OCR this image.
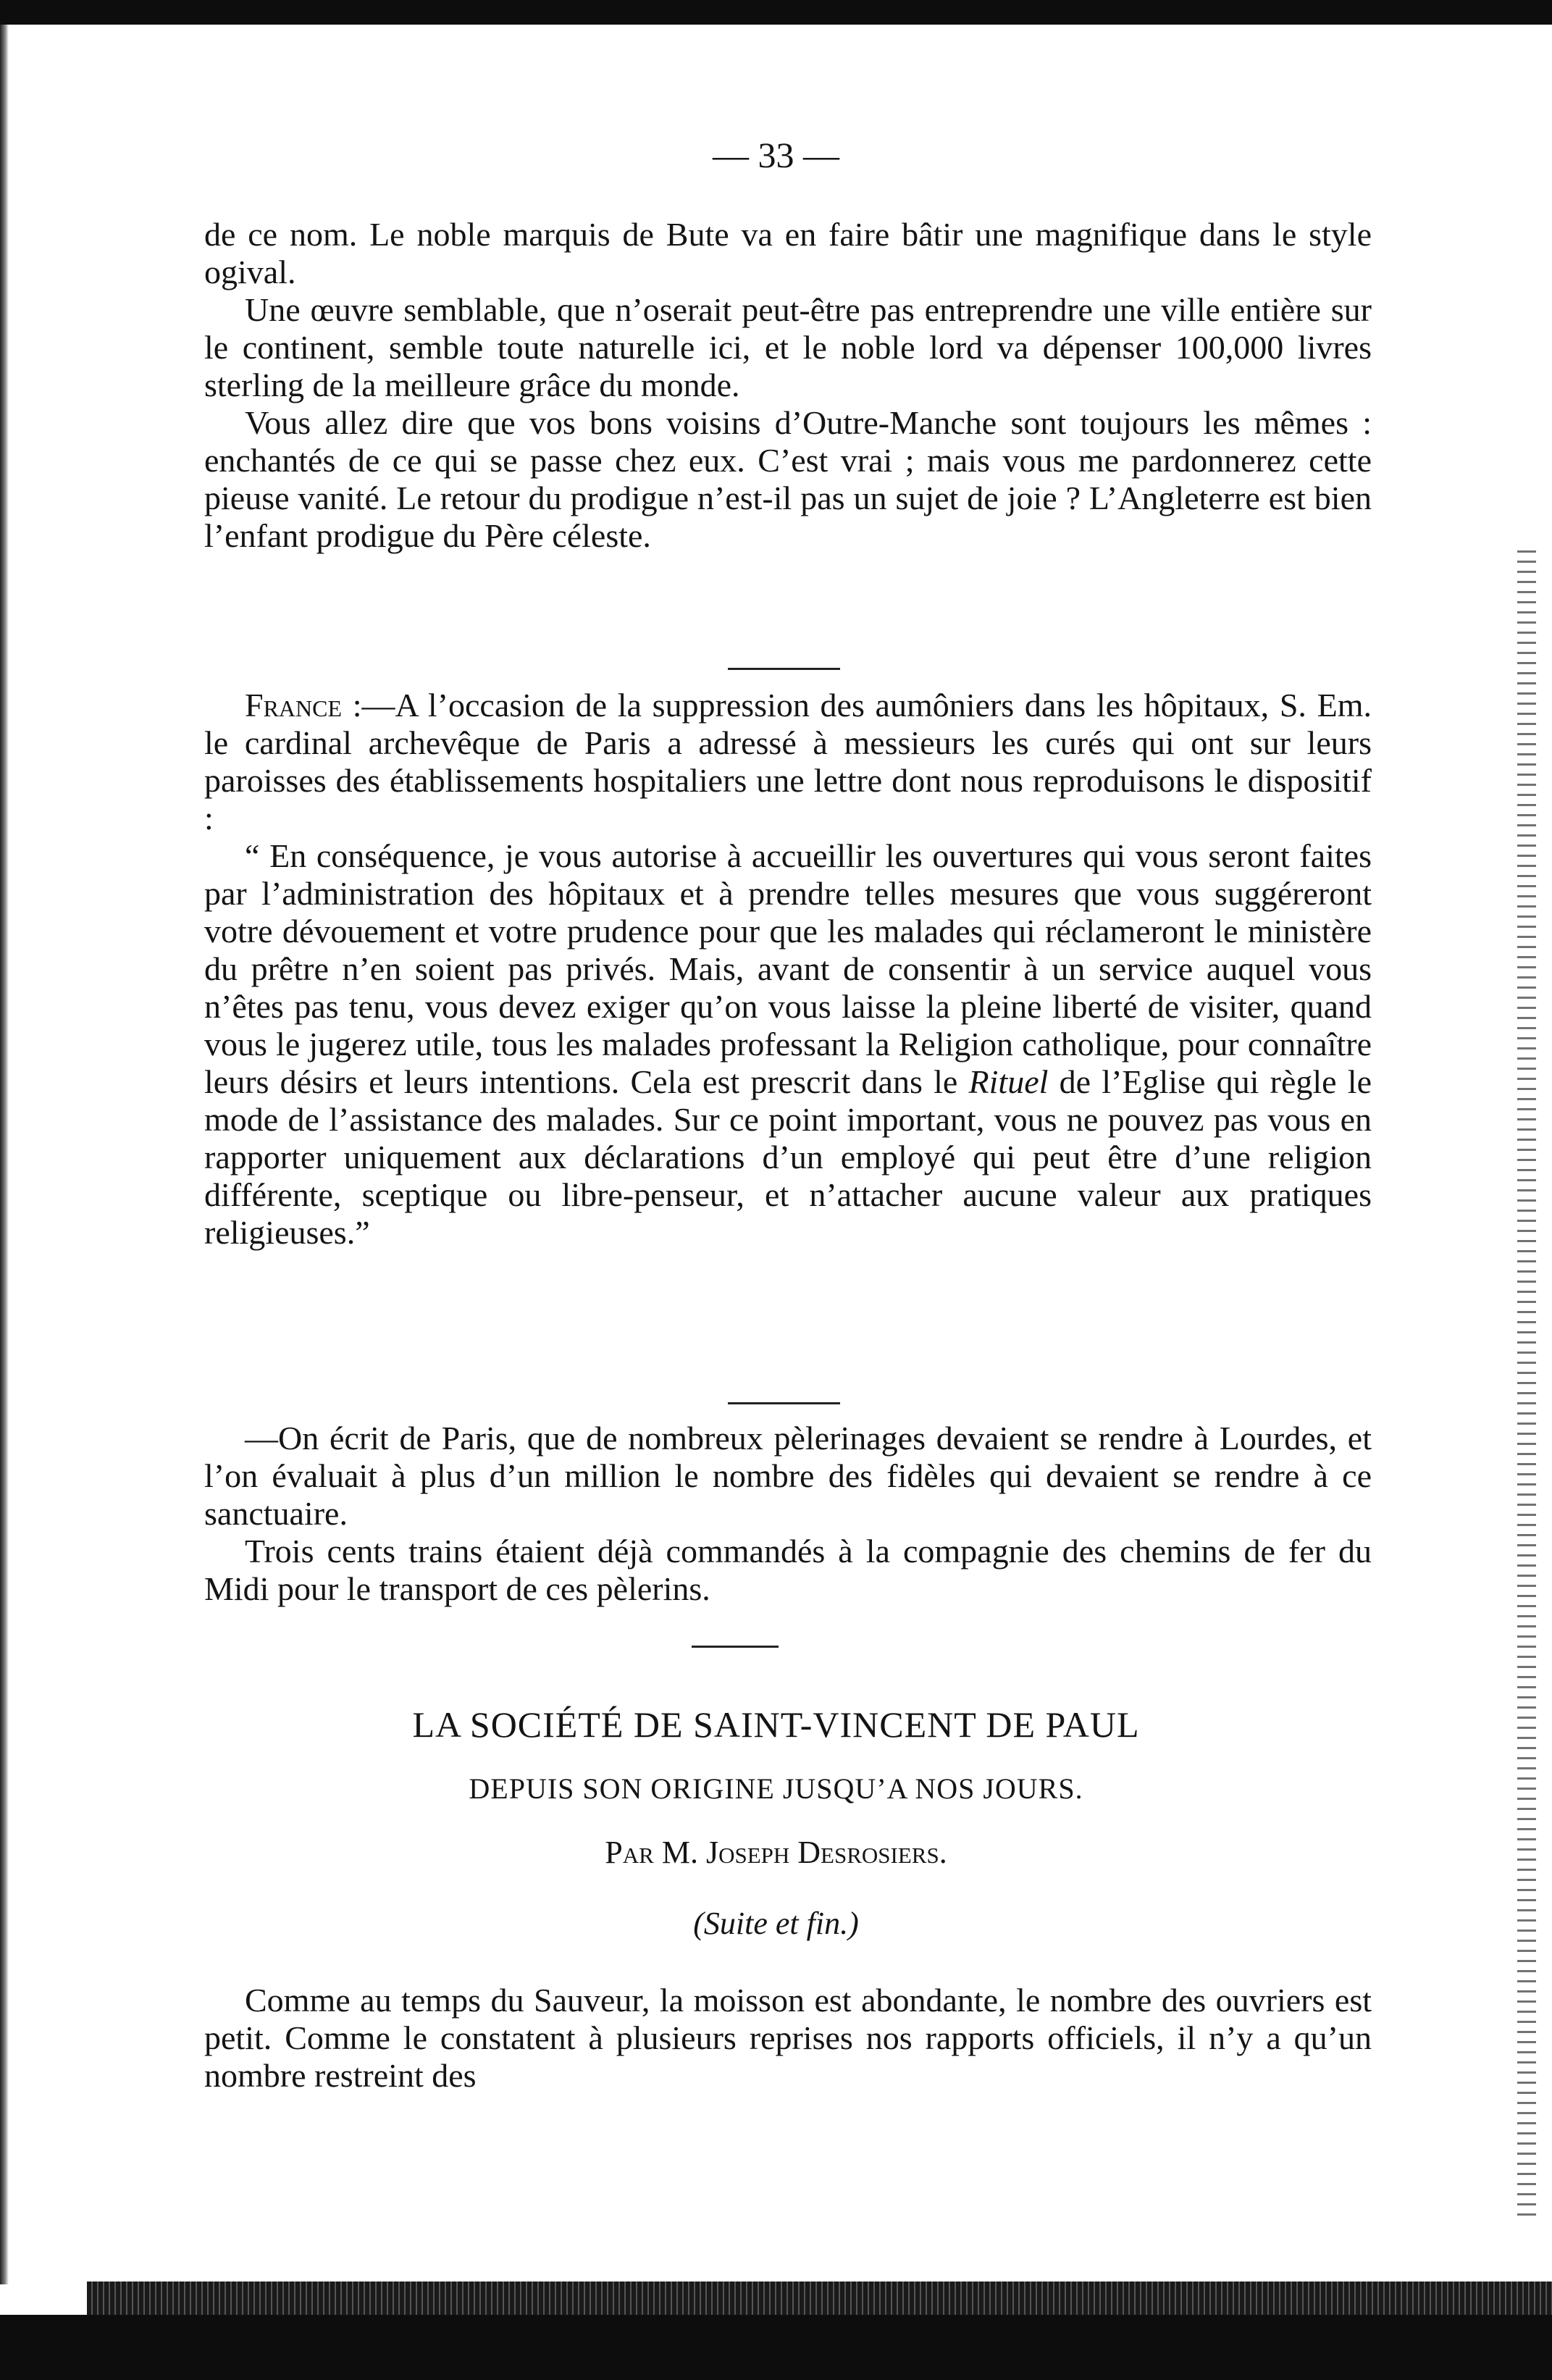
— 33 —

de ce nom. Le noble marquis de Bute va en faire bâtir une magnifique dans le style ogival.

Une œuvre semblable, que n’oserait peut-être pas entreprendre une ville entière sur le continent, semble toute naturelle ici, et le noble lord va dépenser 100,000 livres sterling de la meilleure grâce du monde.

Vous allez dire que vos bons voisins d’Outre-Manche sont toujours les mêmes : enchantés de ce qui se passe chez eux. C’est vrai ; mais vous me pardonnerez cette pieuse vanité. Le retour du prodigue n’est-il pas un sujet de joie ? L’Angleterre est bien l’enfant prodigue du Père céleste.

France :—A l’occasion de la suppression des aumôniers dans les hôpitaux, S. Em. le cardinal archevêque de Paris a adressé à messieurs les curés qui ont sur leurs paroisses des établissements hospitaliers une lettre dont nous reproduisons le dispositif :

“ En conséquence, je vous autorise à accueillir les ouvertures qui vous seront faites par l’administration des hôpitaux et à prendre telles mesures que vous suggéreront votre dévouement et votre prudence pour que les malades qui réclameront le ministère du prêtre n’en soient pas privés. Mais, avant de consentir à un service auquel vous n’êtes pas tenu, vous devez exiger qu’on vous laisse la pleine liberté de visiter, quand vous le jugerez utile, tous les malades professant la Religion catholique, pour connaître leurs désirs et leurs intentions. Cela est prescrit dans le Rituel de l’Eglise qui règle le mode de l’assistance des malades. Sur ce point important, vous ne pouvez pas vous en rapporter uniquement aux déclarations d’un employé qui peut être d’une religion différente, sceptique ou libre-penseur, et n’attacher aucune valeur aux pratiques religieuses.”

—On écrit de Paris, que de nombreux pèlerinages devaient se rendre à Lourdes, et l’on évaluait à plus d’un million le nombre des fidèles qui devaient se rendre à ce sanctuaire.

Trois cents trains étaient déjà commandés à la compagnie des chemins de fer du Midi pour le transport de ces pèlerins.

LA SOCIÉTÉ DE SAINT-VINCENT DE PAUL
DEPUIS SON ORIGINE JUSQU’A NOS JOURS.
Par M. Joseph Desrosiers.
(Suite et fin.)

Comme au temps du Sauveur, la moisson est abondante, le nombre des ouvriers est petit. Comme le constatent à plusieurs reprises nos rapports officiels, il n’y a qu’un nombre restreint des
